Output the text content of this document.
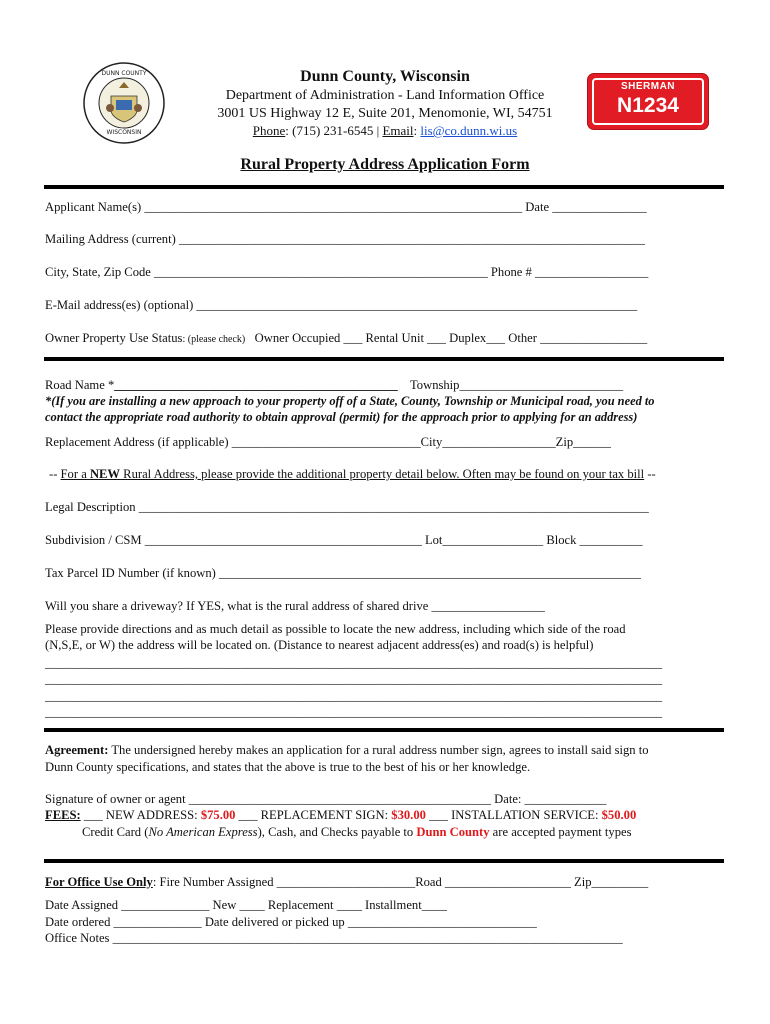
WISCONSIN
DUNN COUNTY	Dunn County, Wisconsin
Department of Administration - Land Information Office
3001 US Highway 12 E, Suite 201, Menomonie, WI, 54751
Phone: (715) 231-6545 | Email: lis@co.dunn.wi.us
SHERMAN
N1234
Rural Property Address Application Form
Applicant Name(s) ____________________________________________________________ Date _______________
Mailing Address (current) __________________________________________________________________________
City, State, Zip Code _____________________________________________________ Phone # __________________
E-Mail address(es) (optional) ______________________________________________________________________
Owner Property Use Status: (please check) Owner Occupied ___ Rental Unit ___ Duplex___ Other _________________
Road Name *_____________________________________________ Township__________________________
*(If you are installing a new approach to your property off of a State, County, Township or Municipal road, you need to
contact the appropriate road authority to obtain approval (permit) for the approach prior to applying for an address)
Replacement Address (if applicable) ______________________________City__________________Zip______
-- For a NEW Rural Address, please provide the additional property detail below. Often may be found on your tax bill --
Legal Description _________________________________________________________________________________
Subdivision / CSM ____________________________________________ Lot________________ Block __________
Tax Parcel ID Number (if known) ___________________________________________________________________
Will you share a driveway? If YES, what is the rural address of shared drive __________________
Please provide directions and as much detail as possible to locate the new address, including which side of the road
(N,S,E, or W) the address will be located on. (Distance to nearest adjacent address(es) and road(s) is helpful)
__________________________________________________________________________________________________
__________________________________________________________________________________________________
__________________________________________________________________________________________________
__________________________________________________________________________________________________
Agreement: The undersigned hereby makes an application for a rural address number sign, agrees to install said sign to
Dunn County specifications, and states that the above is true to the best of his or her knowledge.
Signature of owner or agent ________________________________________________ Date: _____________
FEES: ___ NEW ADDRESS: $75.00 ___ REPLACEMENT SIGN: $30.00 ___ INSTALLATION SERVICE: $50.00
Credit Card (No American Express), Cash, and Checks payable to Dunn County are accepted payment types
For Office Use Only: Fire Number Assigned ______________________Road ____________________ Zip_________
Date Assigned ______________ New ____ Replacement ____ Installment____
Date ordered ______________ Date delivered or picked up ______________________________
Office Notes _________________________________________________________________________________
